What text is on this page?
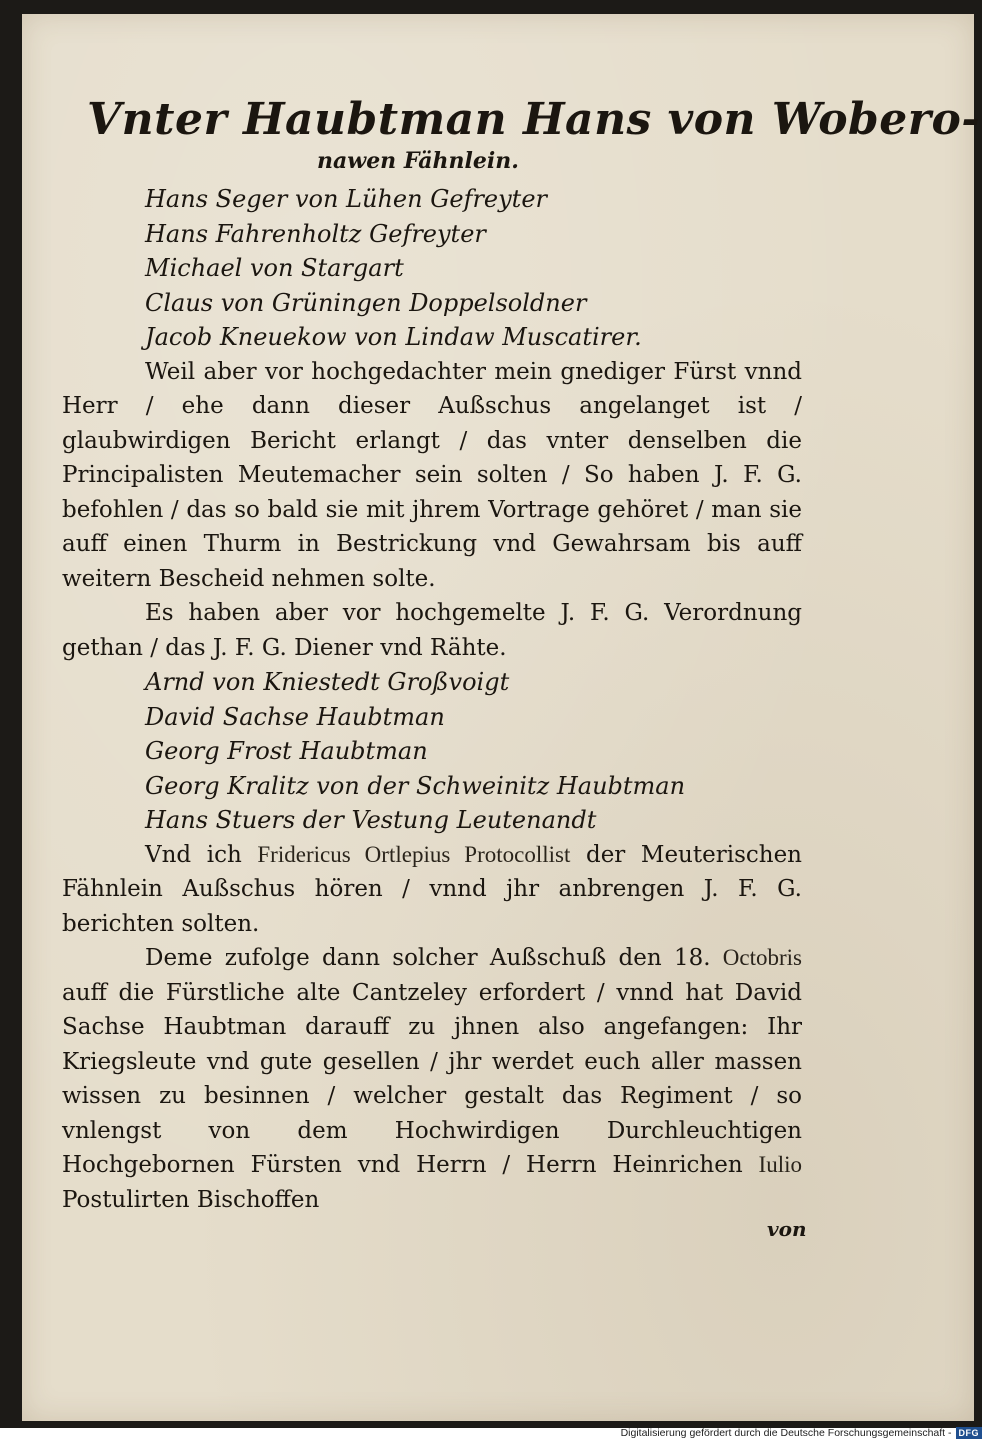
Vnter Haubtman Hans von Wobero-
nawen Fähnlein.
Hans Seger von Lühen Gefreyter
Hans Fahrenholtz Gefreyter
Michael von Stargart
Claus von Grüningen Doppelsoldner
Jacob Kneuekow von Lindaw Muscatirer.

Weil aber vor hochgedachter mein gnediger Fürst vnnd Herr / ehe dann dieser Außschus angelanget ist / glaubwirdigen Bericht erlangt / das vnter denselben die Principalisten Meutemacher sein solten / So haben J. F. G. befohlen / das so bald sie mit jhrem Vortrage gehöret / man sie auff einen Thurm in Bestrickung vnd Gewahrsam bis auff weitern Bescheid nehmen solte.

Es haben aber vor hochgemelte J. F. G. Verordnung gethan / das J. F. G. Diener vnd Rähte.

Arnd von Kniestedt Großvoigt
David Sachse Haubtman
Georg Frost Haubtman
Georg Kralitz von der Schweinitz Haubtman
Hans Stuers der Vestung Leutenandt

Vnd ich Fridericus Ortlepius Protocollist der Meuterischen Fähnlein Außschus hören / vnnd jhr anbrengen J. F. G. berichten solten.

Deme zufolge dann solcher Außschuß den 18. Octobris auff die Fürstliche alte Cantzeley erfordert / vnnd hat David Sachse Haubtman darauff zu jhnen also angefangen: Ihr Kriegsleute vnd gute gesellen / jhr werdet euch aller massen wissen zu besinnen / welcher gestalt das Regiment / so vnlengst von dem Hochwirdigen Durchleuchtigen Hochgebornen Fürsten vnd Herrn / Herrn Heinrichen Iulio Postulirten Bischoffen

von
Digitalisierung gefördert durch die Deutsche Forschungsgemeinschaft - DFG
